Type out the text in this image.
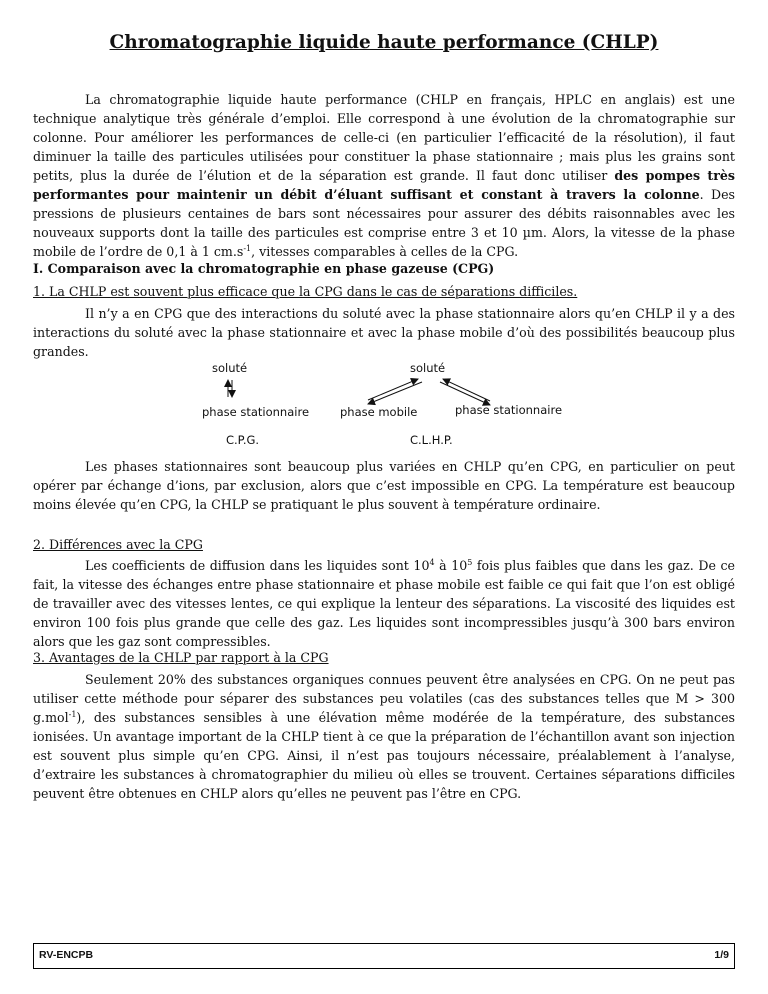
Chromatographie liquide haute performance (CHLP)

La chromatographie liquide haute performance (CHLP en français, HPLC en anglais) est une technique analytique très générale d’emploi. Elle correspond à une évolution de la chromatographie sur colonne. Pour améliorer les performances de celle-ci (en particulier l’efficacité de la résolution), il faut diminuer la taille des particules utilisées pour constituer la phase stationnaire ; mais plus les grains sont petits, plus la durée de l’élution et de la séparation est grande. Il faut donc utiliser des pompes très performantes pour maintenir un débit d’éluant suffisant et constant à travers la colonne. Des pressions de plusieurs centaines de bars sont nécessaires pour assurer des débits raisonnables avec les nouveaux supports dont la taille des particules est comprise entre 3 et 10 µm. Alors, la vitesse de la phase mobile de l’ordre de 0,1 à 1 $cm.s^{-1}$, vitesses comparables à celles de la CPG.

I. Comparaison avec la chromatographie en phase gazeuse (CPG)

1. La CHLP est souvent plus efficace que la CPG dans le cas de séparations difficiles.

Il n’y a en CPG que des interactions du soluté avec la phase stationnaire alors qu’en CHLP il y a des interactions du soluté avec la phase stationnaire et avec la phase mobile d’où des possibilités beaucoup plus grandes.

soluté
phase stationnaire
C.P.G.
soluté
phase mobile	phase stationnaire
C.L.H.P.

Les phases stationnaires sont beaucoup plus variées en CHLP qu’en CPG, en particulier on peut opérer par échange d’ions, par exclusion, alors que c’est impossible en CPG. La température est beaucoup moins élevée qu’en CPG, la CHLP se pratiquant le plus souvent à température ordinaire.

2. Différences avec la CPG

Les coefficients de diffusion dans les liquides sont $10^4$ à $10^5$ fois plus faibles que dans les gaz. De ce fait, la vitesse des échanges entre phase stationnaire et phase mobile est faible ce qui fait que l’on est obligé de travailler avec des vitesses lentes, ce qui explique la lenteur des séparations. La viscosité des liquides est environ 100 fois plus grande que celle des gaz. Les liquides sont incompressibles jusqu’à 300 bars environ alors que les gaz sont compressibles.

3. Avantages de la CHLP par rapport à la CPG

Seulement 20% des substances organiques connues peuvent être analysées en CPG. On ne peut pas utiliser cette méthode pour séparer des substances peu volatiles (cas des substances telles que M > 300 g.mol$^{-1}$), des substances sensibles à une élévation même modérée de la température, des substances ionisées. Un avantage important de la CHLP tient à ce que la préparation de l’échantillon avant son injection est souvent plus simple qu’en CPG. Ainsi, il n’est pas toujours nécessaire, préalablement à l’analyse, d’extraire les substances à chromatographier du milieu où elles se trouvent. Certaines séparations difficiles peuvent être obtenues en CHLP alors qu’elles ne peuvent pas l’être en CPG.

RV-ENCPB	1/9
